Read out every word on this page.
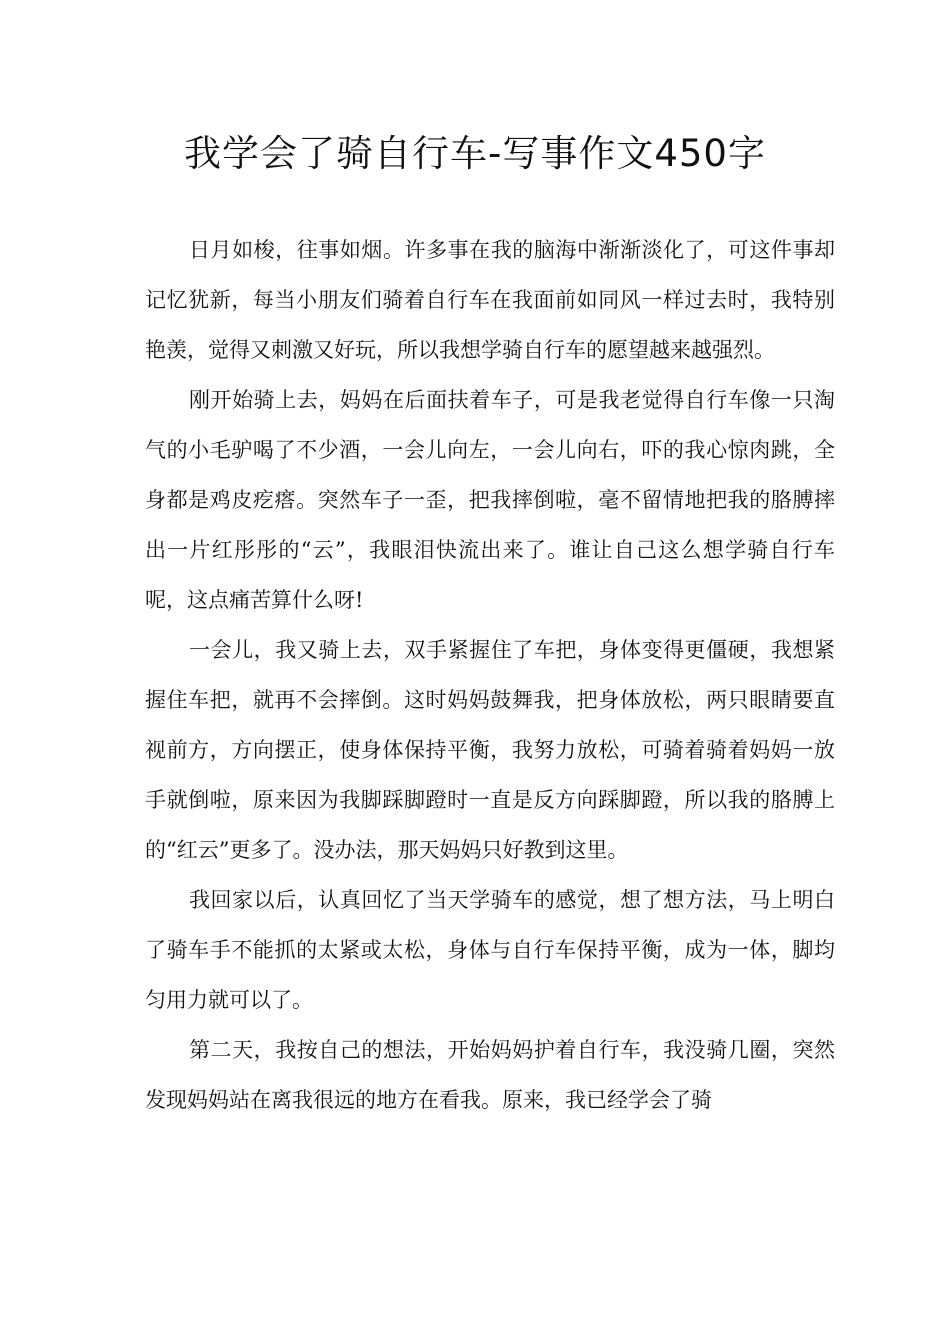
我学会了骑自行车-写事作文450字

日月如梭，往事如烟。许多事在我的脑海中渐渐淡化了，可这件事却记忆犹新，每当小朋友们骑着自行车在我面前如同风一样过去时，我特别艳羡，觉得又刺激又好玩，所以我想学骑自行车的愿望越来越强烈。

刚开始骑上去，妈妈在后面扶着车子，可是我老觉得自行车像一只淘气的小毛驴喝了不少酒，一会儿向左，一会儿向右，吓的我心惊肉跳，全身都是鸡皮疙瘩。突然车子一歪，把我摔倒啦，毫不留情地把我的胳膊摔出一片红彤彤的“云”，我眼泪快流出来了。谁让自己这么想学骑自行车呢，这点痛苦算什么呀!

一会儿，我又骑上去，双手紧握住了车把，身体变得更僵硬，我想紧握住车把，就再不会摔倒。这时妈妈鼓舞我，把身体放松，两只眼睛要直视前方，方向摆正，使身体保持平衡，我努力放松，可骑着骑着妈妈一放手就倒啦，原来因为我脚踩脚蹬时一直是反方向踩脚蹬，所以我的胳膊上的“红云”更多了。没办法，那天妈妈只好教到这里。

我回家以后，认真回忆了当天学骑车的感觉，想了想方法，马上明白了骑车手不能抓的太紧或太松，身体与自行车保持平衡，成为一体，脚均匀用力就可以了。

第二天，我按自己的想法，开始妈妈护着自行车，我没骑几圈，突然发现妈妈站在离我很远的地方在看我。原来，我已经学会了骑
